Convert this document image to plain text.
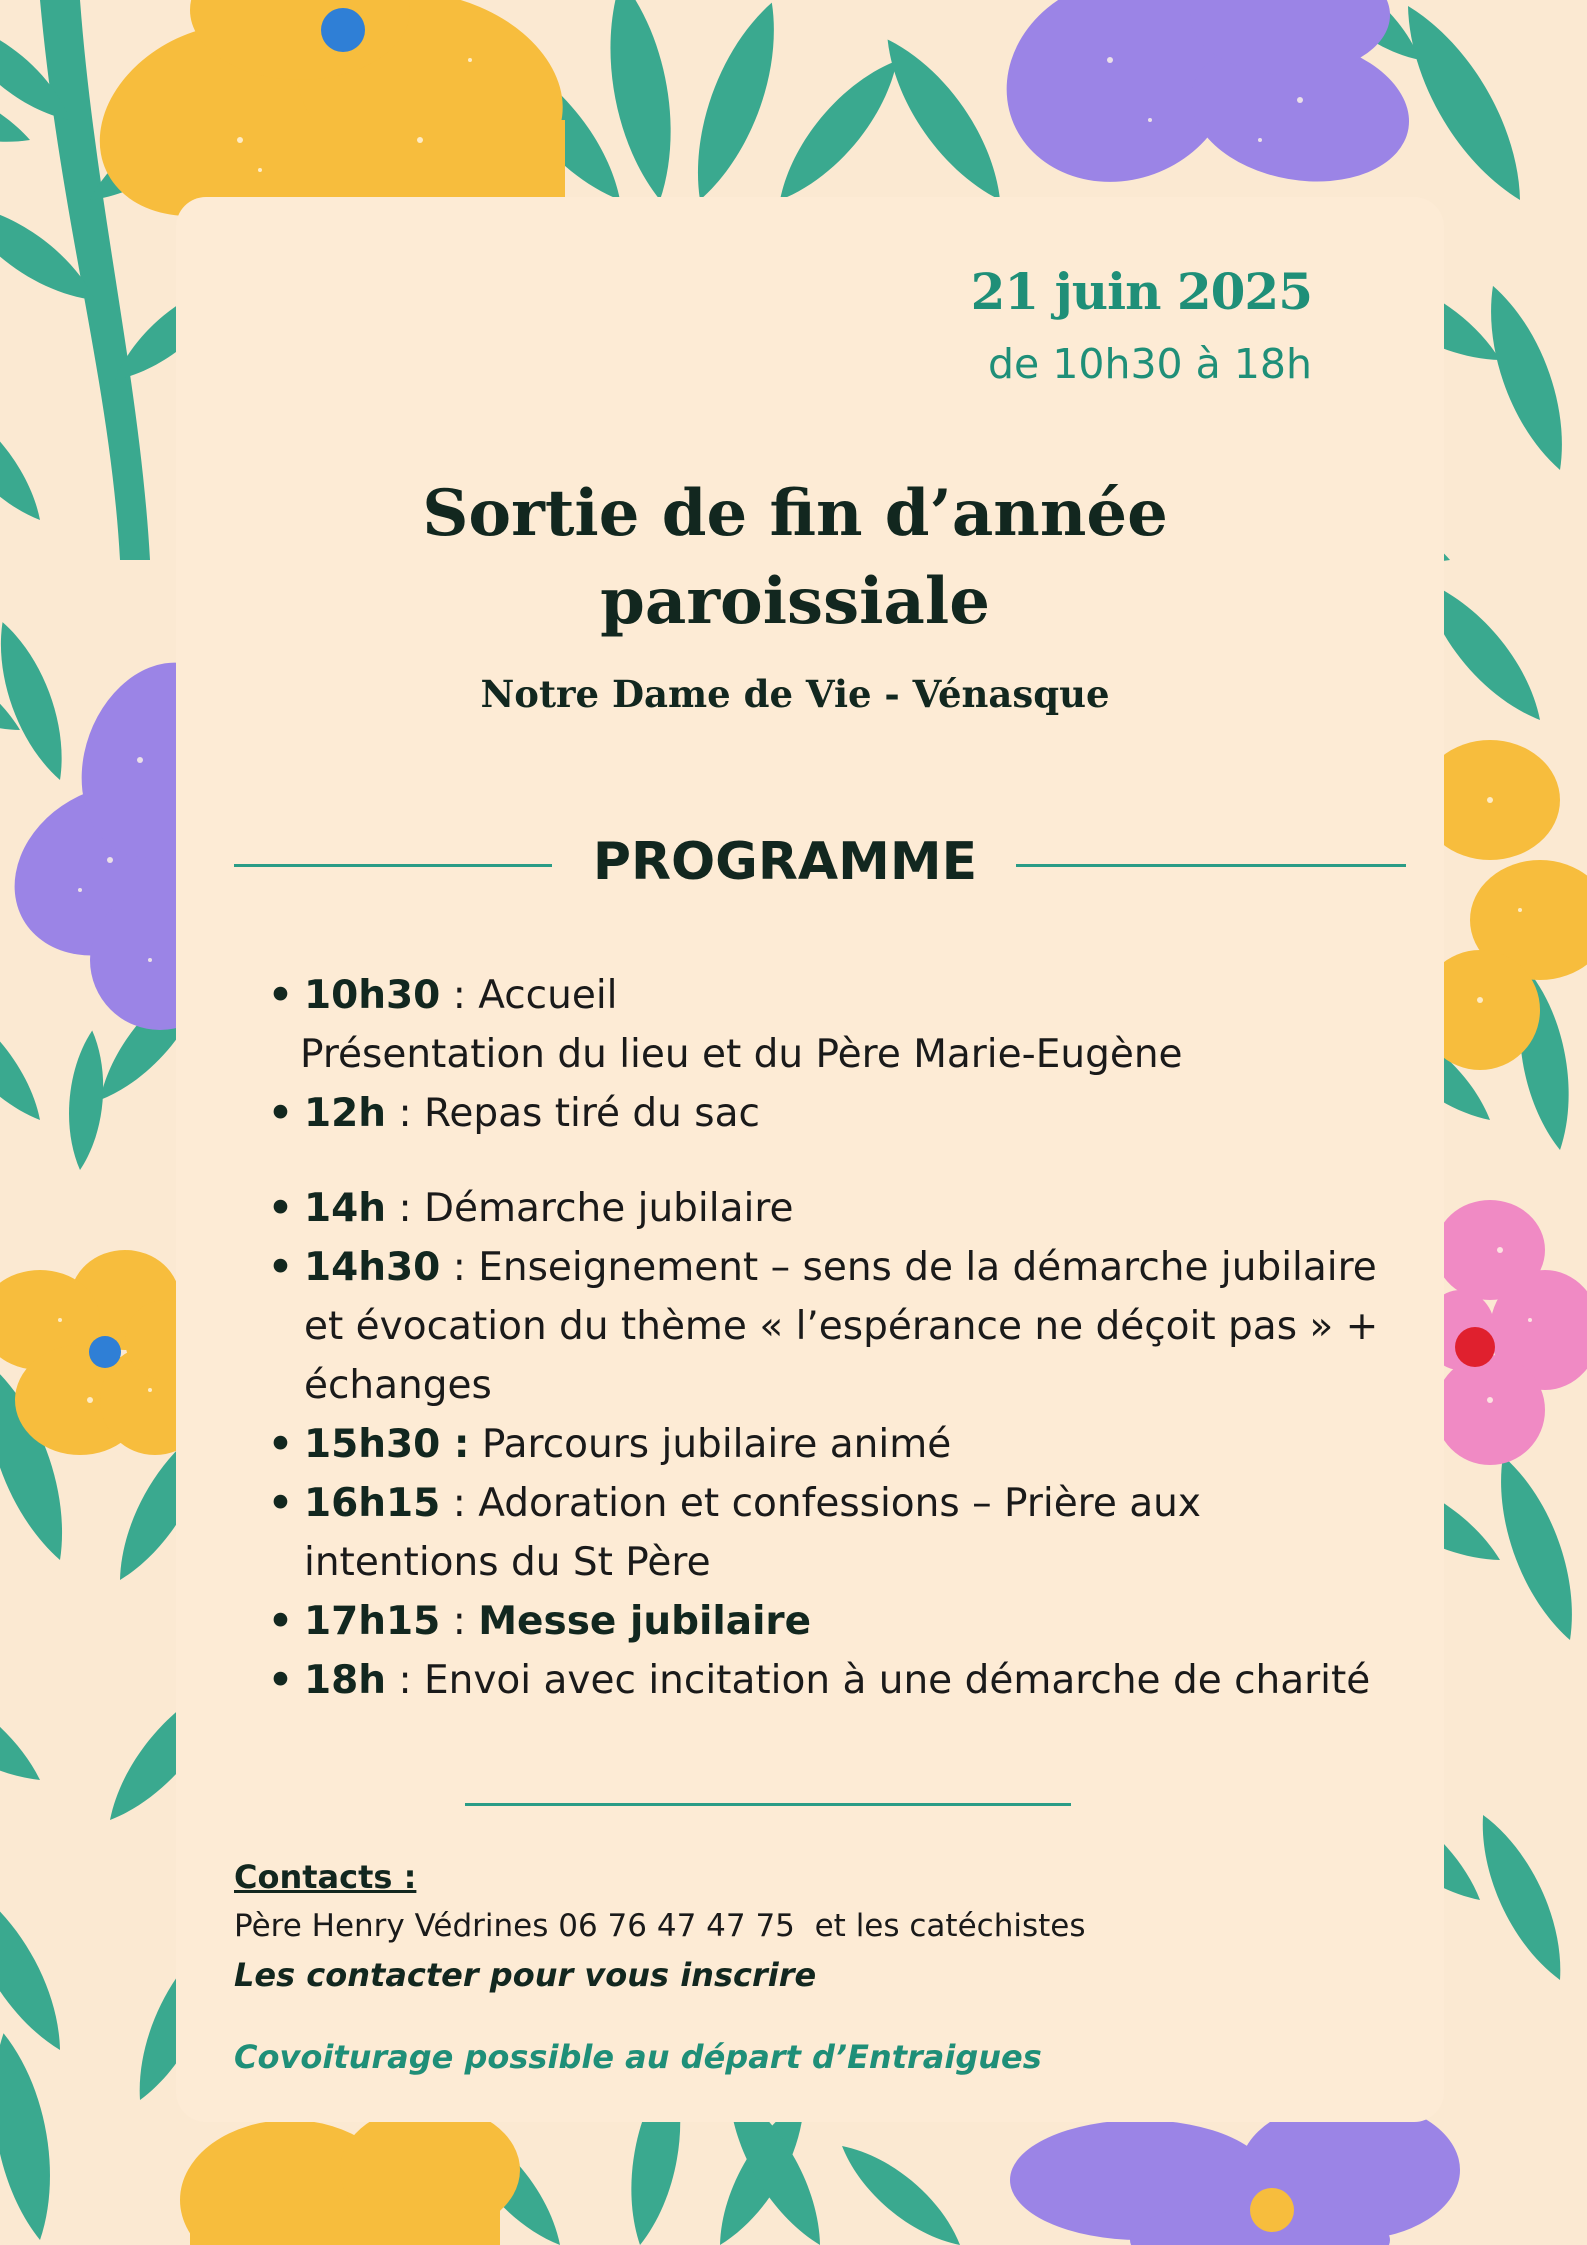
21 juin 2025
de 10h30 à 18h
Sortie de fin d’année
paroissiale
Notre Dame de Vie - Vénasque
PROGRAMME
• 10h30 : Accueil
Présentation du lieu et du Père Marie-Eugène
• 12h : Repas tiré du sac
• 14h : Démarche jubilaire
• 14h30 : Enseignement – sens de la démarche jubilaire et évocation du thème « l’espérance ne déçoit pas » + échanges
• 15h30 : Parcours jubilaire animé
• 16h15 : Adoration et confessions – Prière aux intentions du St Père
• 17h15 : Messe jubilaire
• 18h : Envoi avec incitation à une démarche de charité
Contacts :
Père Henry Védrines 06 76 47 47 75  et les catéchistes
Les contacter pour vous inscrire
Covoiturage possible au départ d’Entraigues
